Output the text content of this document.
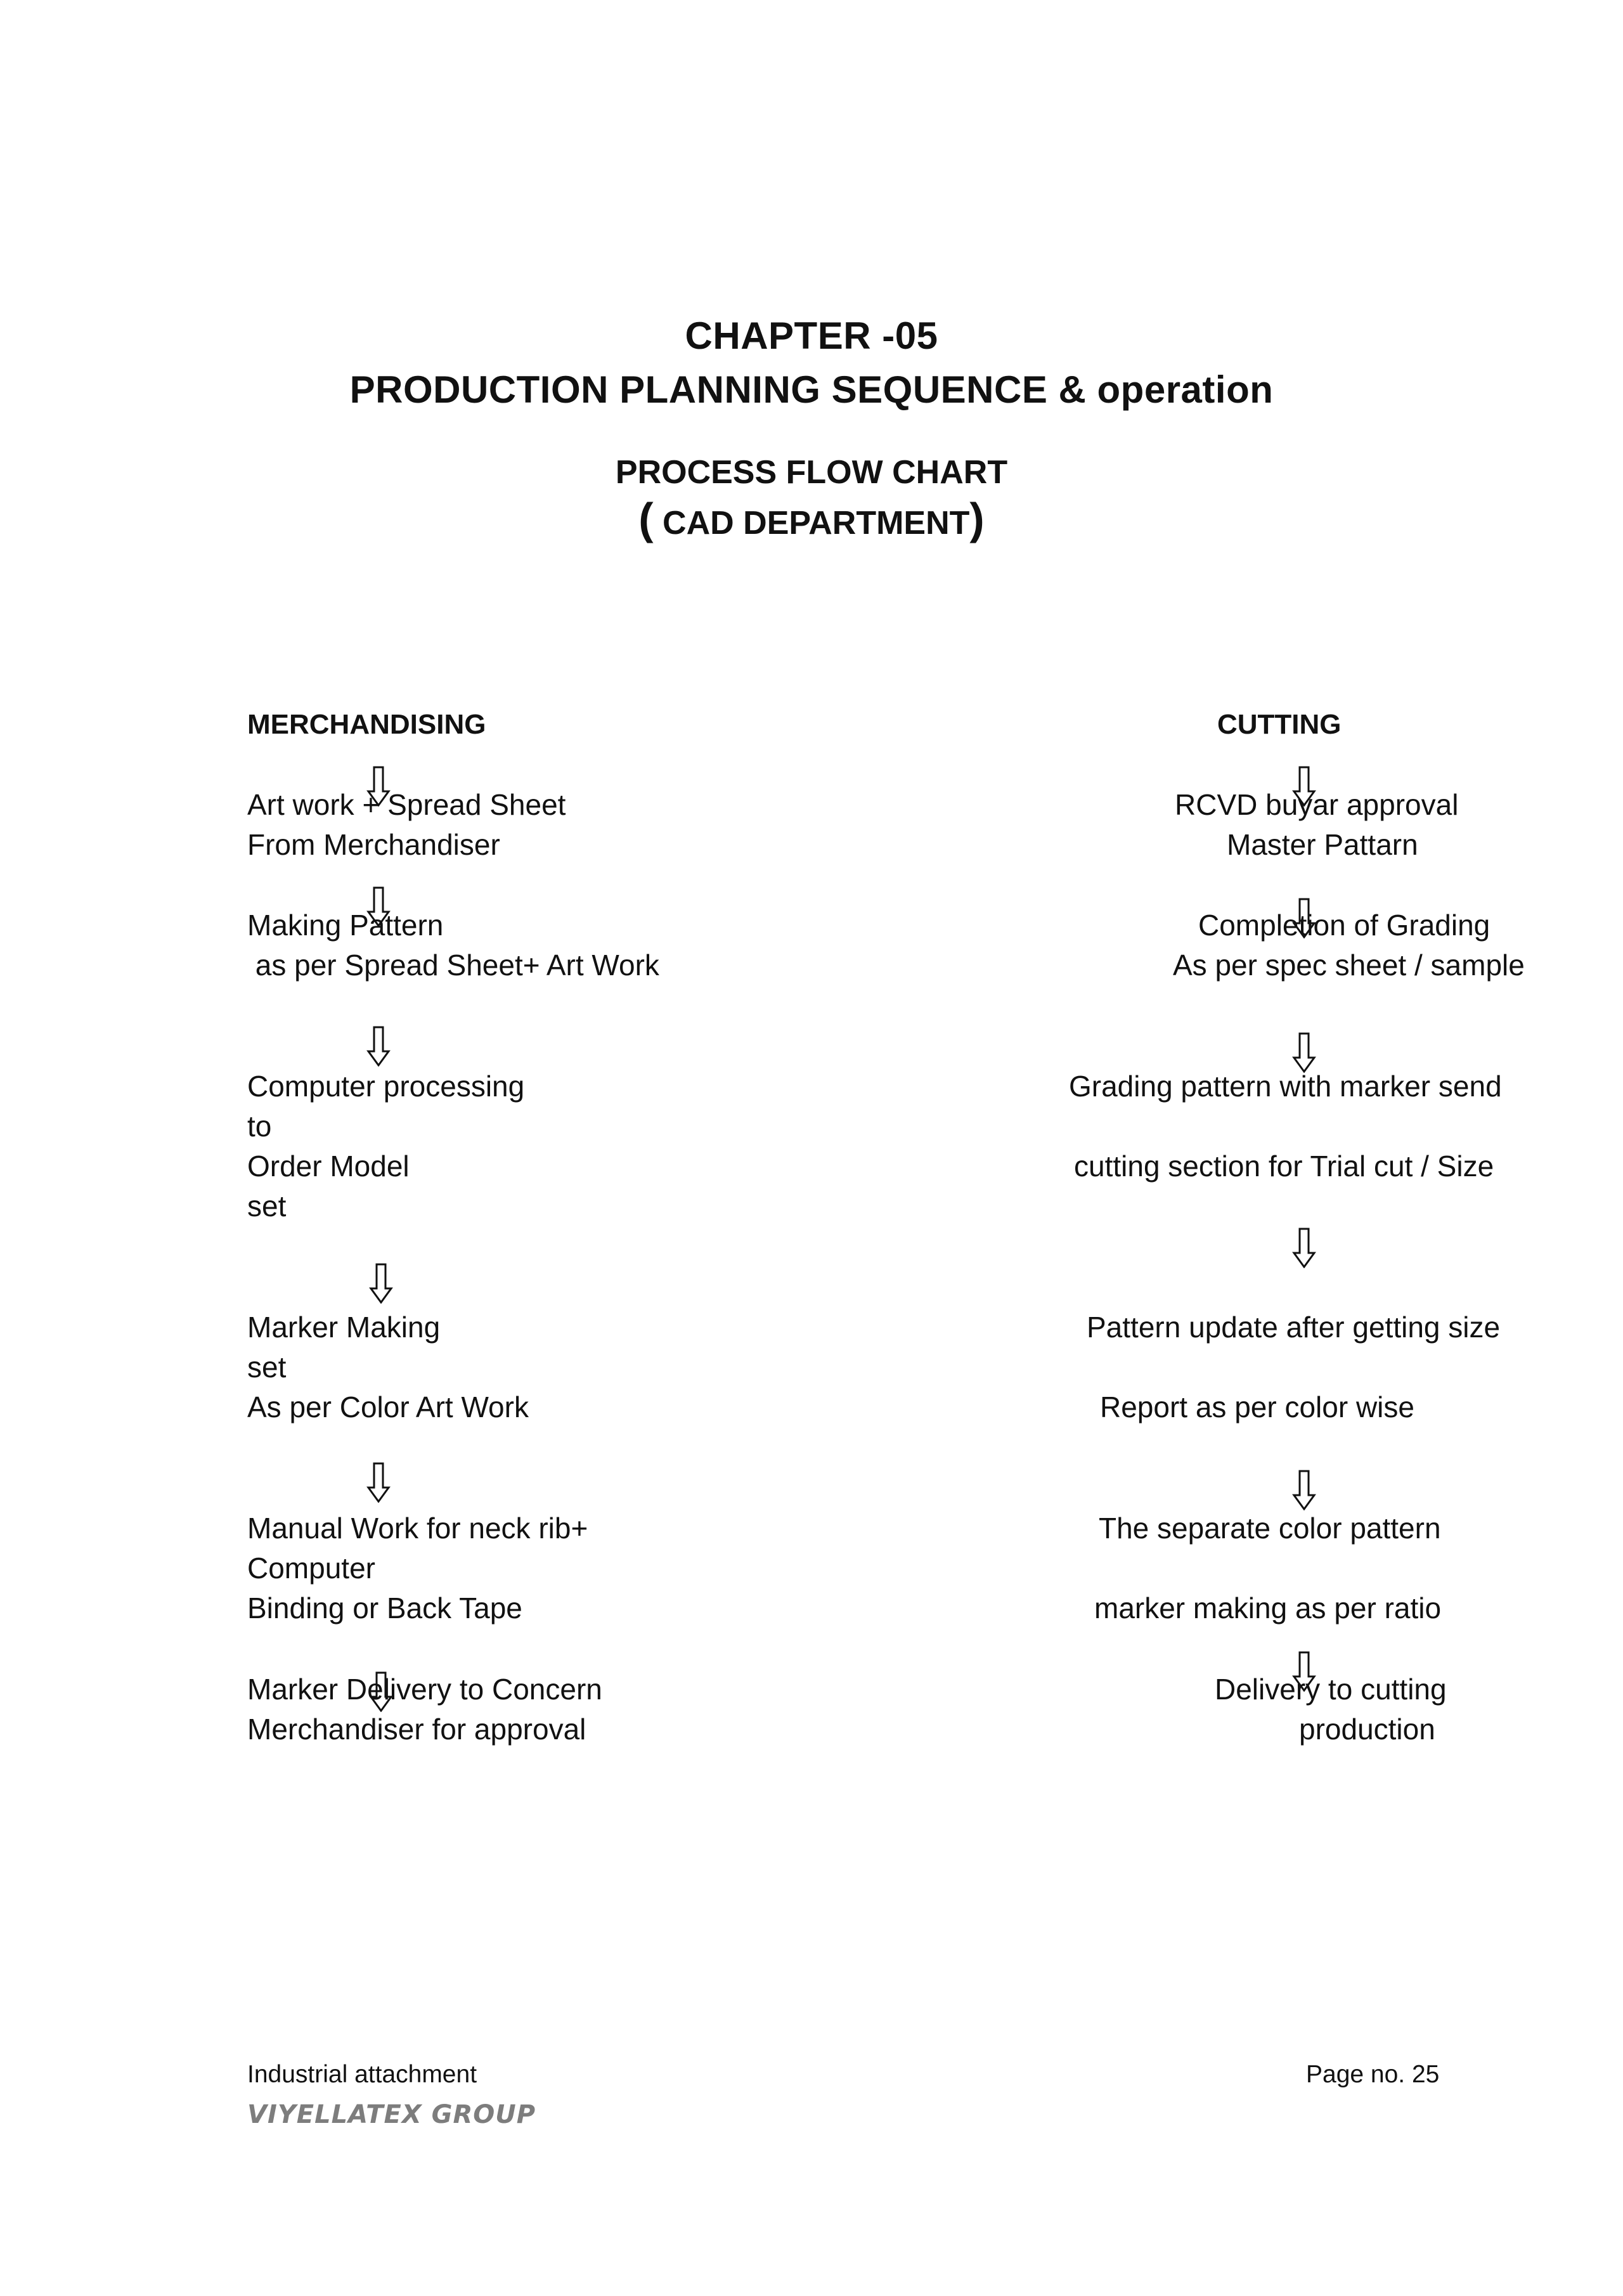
CHAPTER -05
PRODUCTION PLANNING SEQUENCE & operation
PROCESS FLOW CHART
( CAD DEPARTMENT)
MERCHANDISING

Art work + Spread Sheet
From Merchandiser

Making Pattern
as per Spread Sheet+ Art Work

Computer processing
to
Order Model
set

Marker Making
set
As per Color Art Work

Manual Work for neck rib+
Computer
Binding or Back Tape
Marker Delivery to Concern
Merchandiser for approval

CUTTING

RCVD buyar approval
Master Pattarn
Completion of Grading
As per spec sheet / sample

Grading pattern with marker send
cutting section for Trial cut / Size

Pattern update after getting size
Report as per color wise

The separate color pattern
marker making as per ratio

Delivery to cutting
production
Industrial attachment	Page no. 25
VIYELLATEX GROUP
